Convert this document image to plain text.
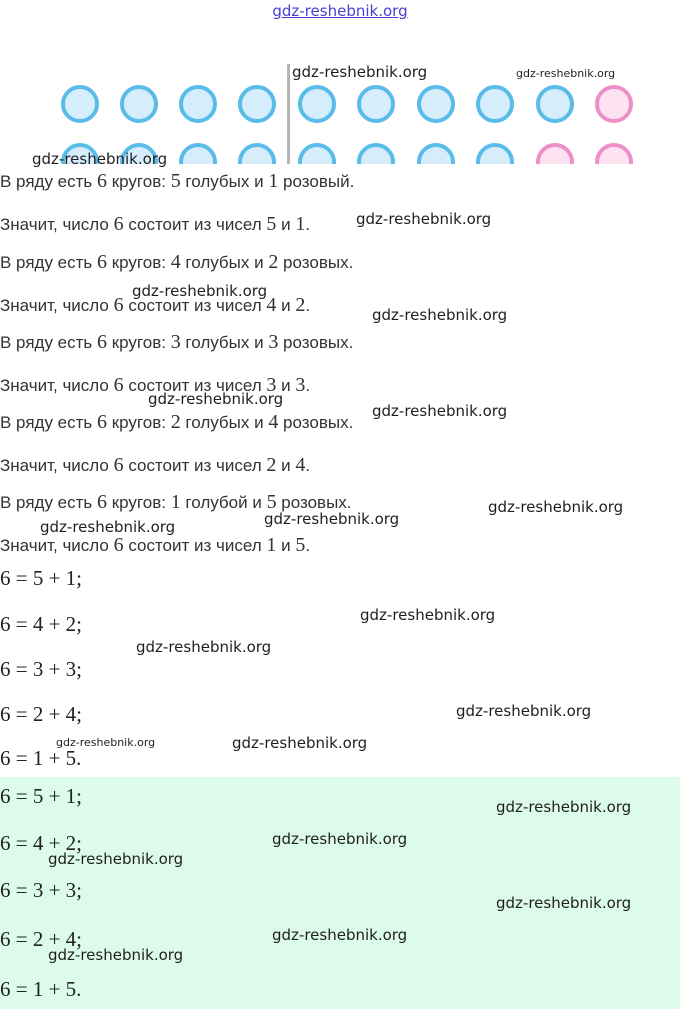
gdz-reshebnik.org
В ряду есть 6 кругов: 5 голубых и 1 розовый.
Значит, число 6 состоит из чисел 5 и 1.
В ряду есть 6 кругов: 4 голубых и 2 розовых.
Значит, число 6 состоит из чисел 4 и 2.
В ряду есть 6 кругов: 3 голубых и 3 розовых.
Значит, число 6 состоит из чисел 3 и 3.
В ряду есть 6 кругов: 2 голубых и 4 розовых.
Значит, число 6 состоит из чисел 2 и 4.
В ряду есть 6 кругов: 1 голубой и 5 розовых.
Значит, число 6 состоит из чисел 1 и 5.
6 = 5 + 1;
6 = 4 + 2;
6 = 3 + 3;
6 = 2 + 4;
6 = 1 + 5.
6 = 5 + 1;
6 = 4 + 2;
6 = 3 + 3;
6 = 2 + 4;
6 = 1 + 5.
gdz-reshebnik.org	gdz-reshebnik.org
gdz-reshebnik.org
gdz-reshebnik.org
gdz-reshebnik.org
gdz-reshebnik.org
gdz-reshebnik.org
gdz-reshebnik.org
gdz-reshebnik.org
gdz-reshebnik.org	gdz-reshebnik.org
gdz-reshebnik.org
gdz-reshebnik.org
gdz-reshebnik.org
gdz-reshebnik.org	gdz-reshebnik.org
gdz-reshebnik.org
gdz-reshebnik.org
gdz-reshebnik.org
gdz-reshebnik.org
gdz-reshebnik.org
gdz-reshebnik.org
